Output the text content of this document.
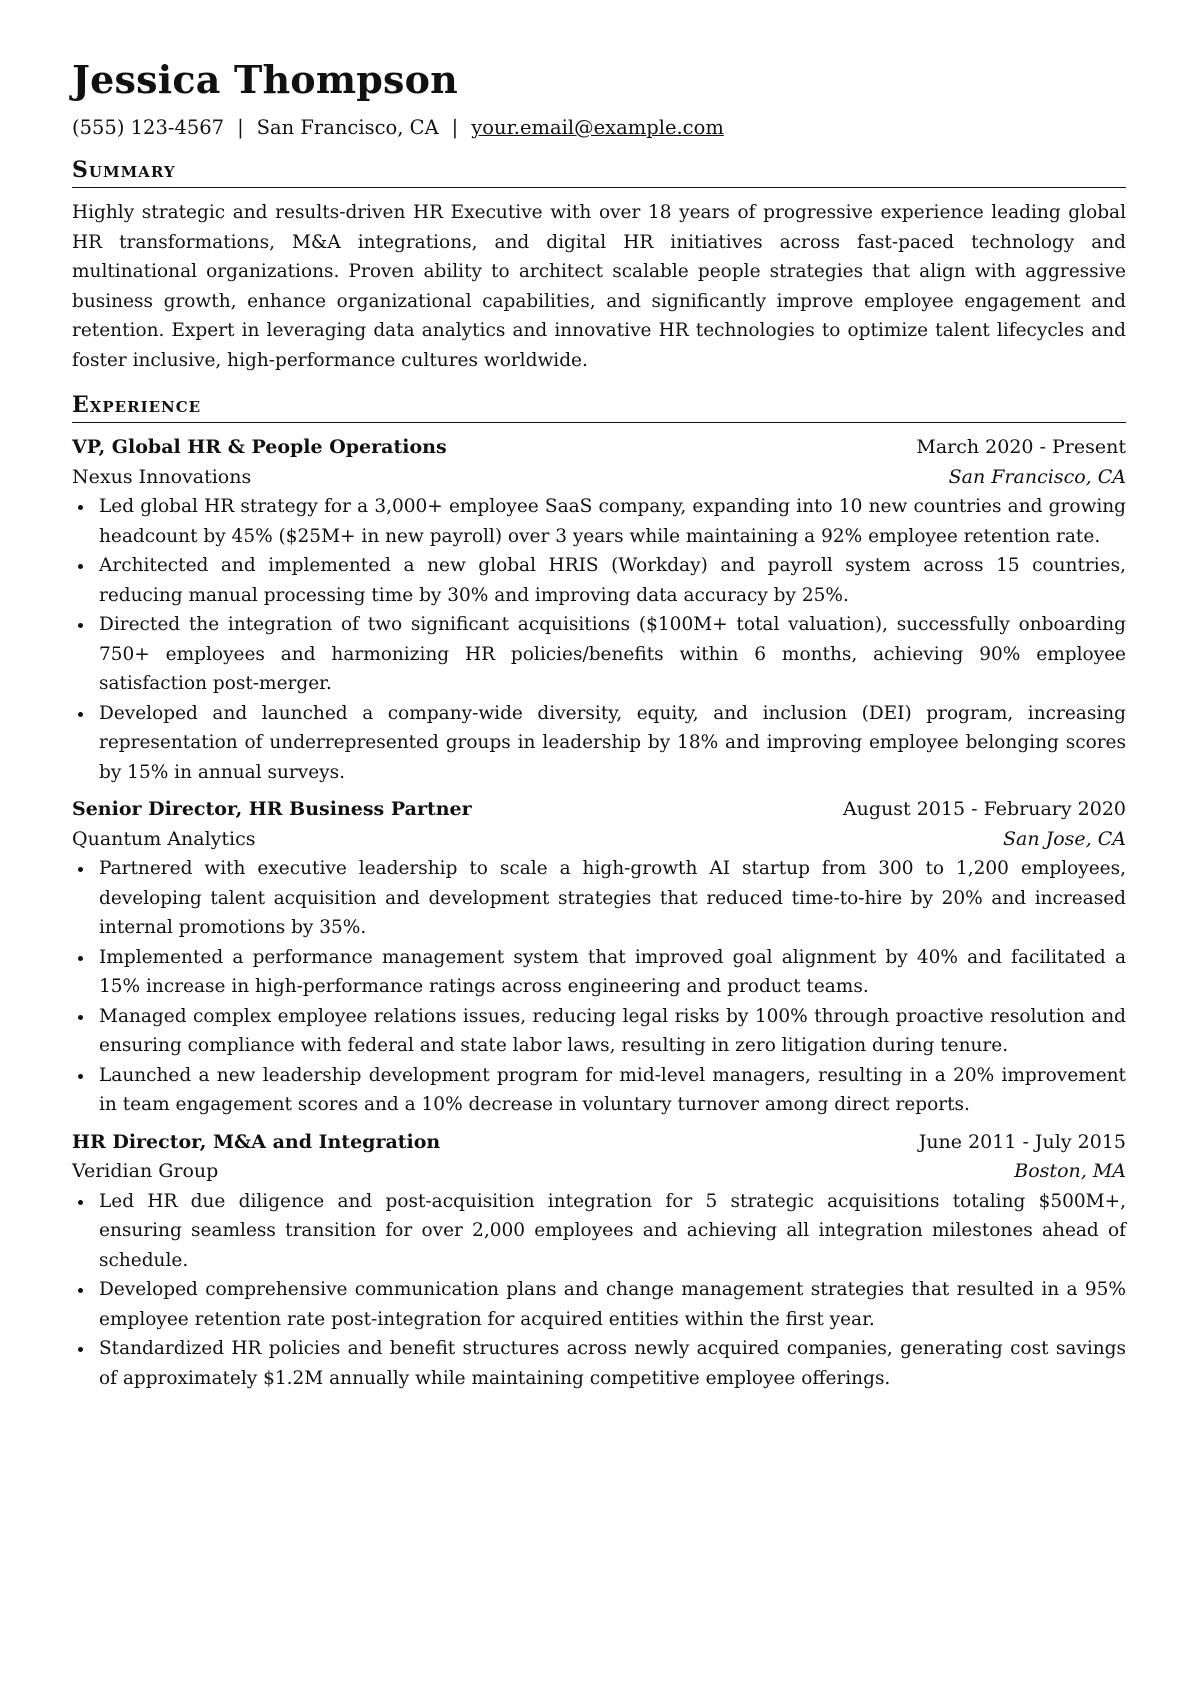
Jessica Thompson
(555) 123-4567 | San Francisco, CA | your.email@example.com
Summary
Highly strategic and results-driven HR Executive with over 18 years of progressive experience leading global HR transformations, M&A integrations, and digital HR initiatives across fast-paced technology and multinational organizations. Proven ability to architect scalable people strategies that align with aggressive business growth, enhance organizational capabilities, and significantly improve employee engagement and retention. Expert in leveraging data analytics and innovative HR technologies to optimize talent lifecycles and foster inclusive, high-performance cultures worldwide.
Experience
VP, Global HR & People Operations	March 2020 - Present
Nexus Innovations	San Francisco, CA
Led global HR strategy for a 3,000+ employee SaaS company, expanding into 10 new countries and growing headcount by 45% ($25M+ in new payroll) over 3 years while maintaining a 92% employee retention rate.
Architected and implemented a new global HRIS (Workday) and payroll system across 15 countries, reducing manual processing time by 30% and improving data accuracy by 25%.
Directed the integration of two significant acquisitions ($100M+ total valuation), successfully onboarding 750+ employees and harmonizing HR policies/benefits within 6 months, achieving 90% employee satisfaction post-merger.
Developed and launched a company-wide diversity, equity, and inclusion (DEI) program, increasing representation of underrepresented groups in leadership by 18% and improving employee belonging scores by 15% in annual surveys.
Senior Director, HR Business Partner	August 2015 - February 2020
Quantum Analytics	San Jose, CA
Partnered with executive leadership to scale a high-growth AI startup from 300 to 1,200 employees, developing talent acquisition and development strategies that reduced time-to-hire by 20% and increased internal promotions by 35%.
Implemented a performance management system that improved goal alignment by 40% and facilitated a 15% increase in high-performance ratings across engineering and product teams.
Managed complex employee relations issues, reducing legal risks by 100% through proactive resolution and ensuring compliance with federal and state labor laws, resulting in zero litigation during tenure.
Launched a new leadership development program for mid-level managers, resulting in a 20% improvement in team engagement scores and a 10% decrease in voluntary turnover among direct reports.
HR Director, M&A and Integration	June 2011 - July 2015
Veridian Group	Boston, MA
Led HR due diligence and post-acquisition integration for 5 strategic acquisitions totaling $500M+, ensuring seamless transition for over 2,000 employees and achieving all integration milestones ahead of schedule.
Developed comprehensive communication plans and change management strategies that resulted in a 95% employee retention rate post-integration for acquired entities within the first year.
Standardized HR policies and benefit structures across newly acquired companies, generating cost savings of approximately $1.2M annually while maintaining competitive employee offerings.
